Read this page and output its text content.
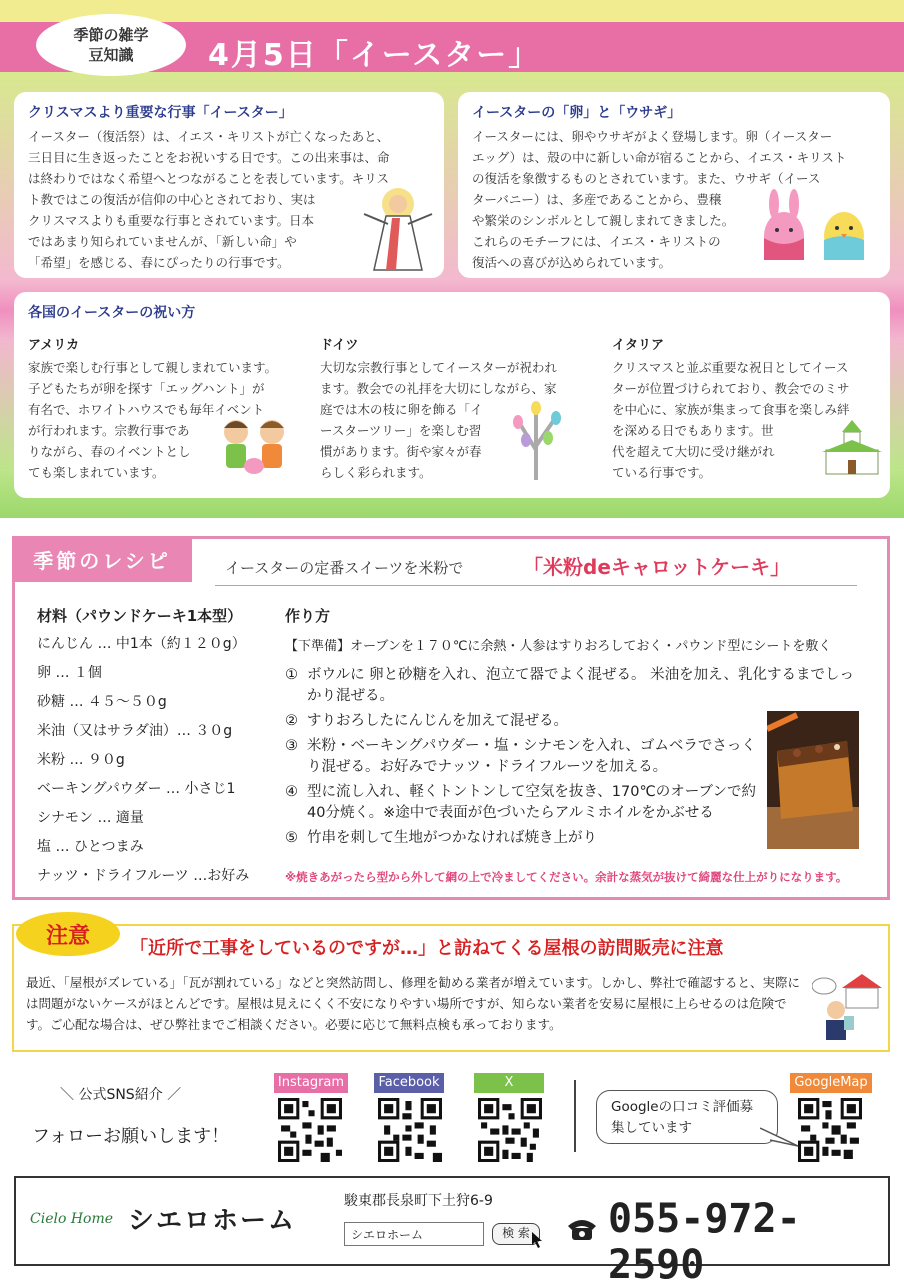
季節の雑学
豆知識 4月5日「イースター」
クリスマスより重要な行事「イースター」

イースター（復活祭）は、イエス・キリストが亡くなったあと、
三日目に生き返ったことをお祝いする日です。この出来事は、命
は終わりではなく希望へとつながることを表しています。キリス
ト教ではこの復活が信仰の中心とされており、実は
クリスマスよりも重要な行事とされています。日本
ではあまり知られていませんが、「新しい命」や
「希望」を感じる、春にぴったりの行事です。

イースターの「卵」と「ウサギ」

イースターには、卵やウサギがよく登場します。卵（イースター
エッグ）は、殻の中に新しい命が宿ることから、イエス・キリスト
の復活を象徴するものとされています。また、ウサギ（イース
ターバニー）は、多産であることから、豊穣
や繁栄のシンボルとして親しまれてきました。
これらのモチーフには、イエス・キリストの
復活への喜びが込められています。

各国のイースターの祝い方
アメリカ

家族で楽しむ行事として親しまれています。
子どもたちが卵を探す「エッグハント」が
有名で、ホワイトハウスでも毎年イベント
が行われます。宗教行事であ
りながら、春のイベントとし
ても楽しまれています。

ドイツ

大切な宗教行事としてイースターが祝われ
ます。教会での礼拝を大切にしながら、家
庭では木の枝に卵を飾る「イ
ースターツリー」を楽しむ習
慣があります。街や家々が春
らしく彩られます。

イタリア

クリスマスと並ぶ重要な祝日としてイース
ターが位置づけられており、教会でのミサ
を中心に、家族が集まって食事を楽しみ絆
を深める日でもあります。世
代を超えて大切に受け継がれ
ている行事です。

季節のレシピ	イースターの定番スイーツを米粉で	「米粉deキャロットケーキ」
材料（パウンドケーキ1本型）
にんじん … 中1本（約１２０g）
卵 … １個
砂糖 … ４５～５０g
米油（又はサラダ油）… ３０g
米粉 … ９０g
ベーキングパウダー … 小さじ1
シナモン … 適量
塩 … ひとつまみ
ナッツ・ドライフルーツ …お好み
作り方
【下準備】オーブンを１７０℃に余熱・人参はすりおろしておく・パウンド型にシートを敷く
① ボウルに 卵と砂糖を入れ、泡立て器でよく混ぜる。 米油を加え、乳化するまでしっかり混ぜる。
② すりおろしたにんじんを加えて混ぜる。
③ 米粉・ベーキングパウダー・塩・シナモンを入れ、ゴムベラでさっくり混ぜる。お好みでナッツ・ドライフルーツを加える。
④ 型に流し入れ、軽くトントンして空気を抜き、170℃のオーブンで約40分焼く。※途中で表面が色づいたらアルミホイルをかぶせる
⑤ 竹串を刺して生地がつかなければ焼き上がり
※焼きあがったら型から外して網の上で冷ましてください。余計な蒸気が抜けて綺麗な仕上がりになります。
注意 「近所で工事をしているのですが…」と訪ねてくる屋根の訪問販売に注意
最近、「屋根がズレている」「瓦が割れている」などと突然訪問し、修理を勧める業者が増えています。しかし、弊社で確認すると、実際には問題がないケースがほとんどです。屋根は見えにくく不安になりやすい場所ですが、知らない業者を安易に屋根に上らせるのは危険です。ご心配な場合は、ぜひ弊社までご相談ください。必要に応じて無料点検も承っております。
＼ 公式SNS紹介 ／
フォローお願いします！
Instagram	Facebook	X	GoogleMap
Googleの口コミ評価募集しています
Cielo Home シエロホーム
駿東郡長泉町下土狩6-9
シエロホーム	検 索 055-972-2590
